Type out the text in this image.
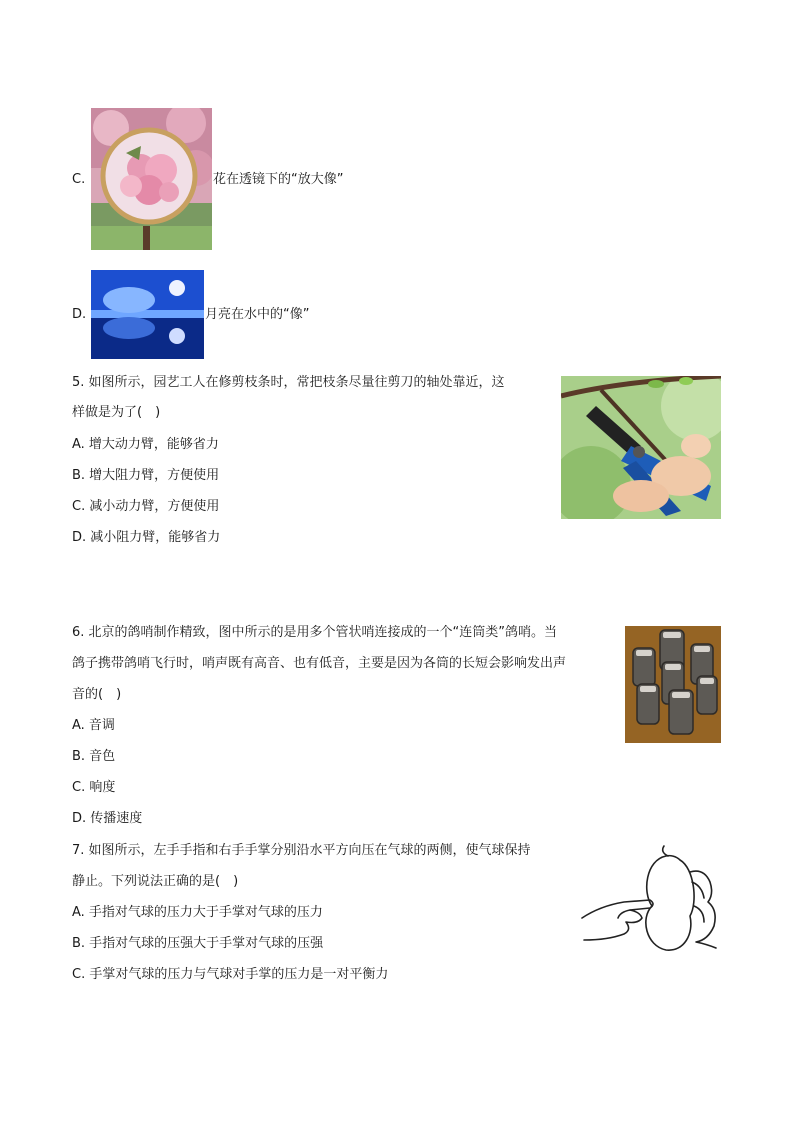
C.	花在透镜下的“放大像”
D.	月亮在水中的“像”
5. 如图所示，园艺工人在修剪枝条时，常把枝条尽量往剪刀的轴处靠近，这
样做是为了(　)
A. 增大动力臂，能够省力
B. 增大阻力臂，方便使用
C. 减小动力臂，方便使用
D. 减小阻力臂，能够省力
6. 北京的鸽哨制作精致，图中所示的是用多个管状哨连接成的一个“连筒类”鸽哨。当
鸽子携带鸽哨飞行时，哨声既有高音、也有低音，主要是因为各筒的长短会影响发出声
音的(　)
A. 音调
B. 音色
C. 响度
D. 传播速度
7. 如图所示，左手手指和右手手掌分别沿水平方向压在气球的两侧，使气球保持
静止。下列说法正确的是(　)
A. 手指对气球的压力大于手掌对气球的压力
B. 手指对气球的压强大于手掌对气球的压强
C. 手掌对气球的压力与气球对手掌的压力是一对平衡力
